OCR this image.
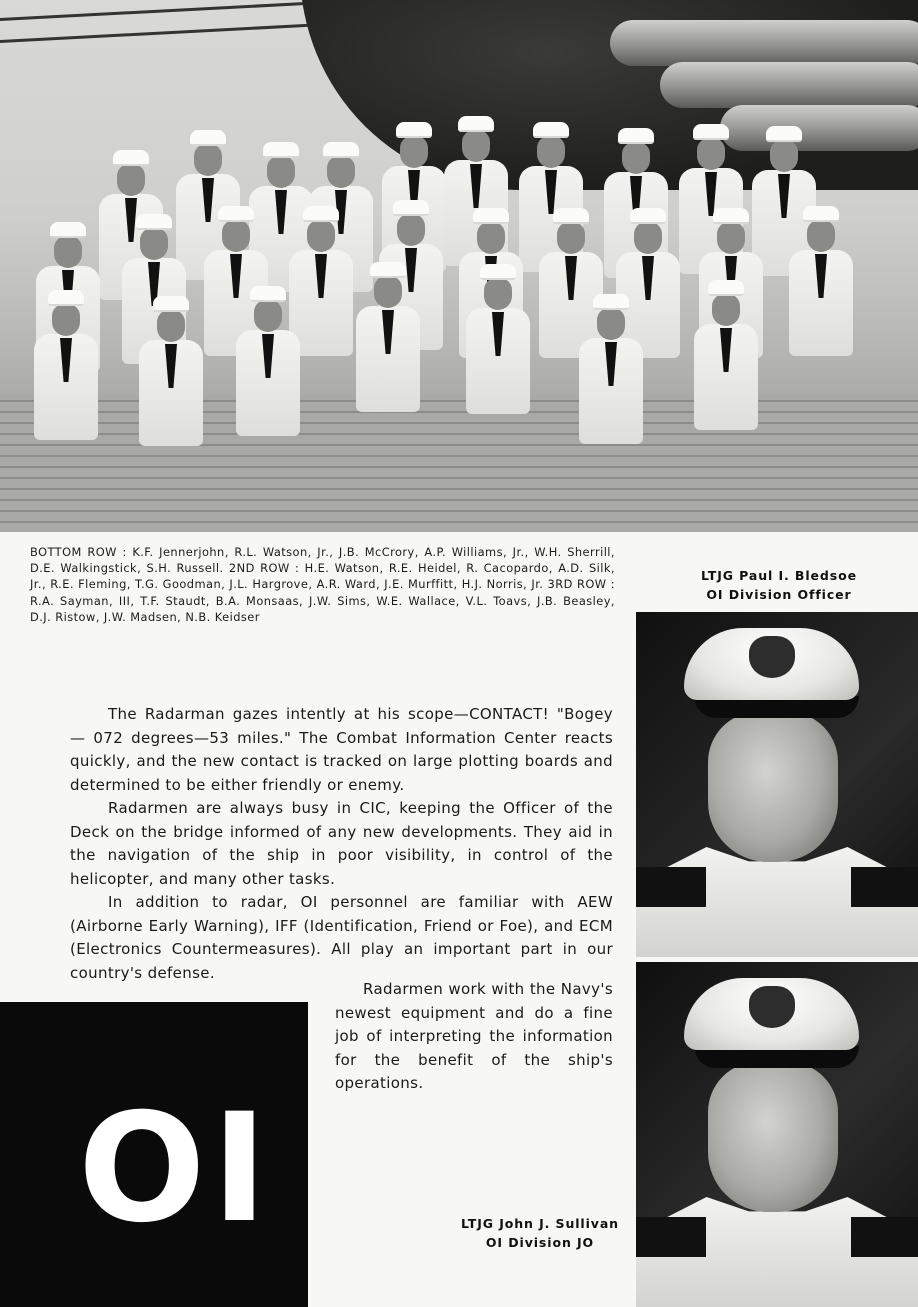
BOTTOM ROW : K.F. Jennerjohn, R.L. Watson, Jr., J.B. McCrory, A.P. Williams, Jr., W.H. Sherrill, D.E. Walkingstick, S.H. Russell. 2ND ROW : H.E. Watson, R.E. Heidel, R. Cacopardo, A.D. Silk, Jr., R.E. Fleming, T.G. Goodman, J.L. Hargrove, A.R. Ward, J.E. Murffitt, H.J. Norris, Jr. 3RD ROW : R.A. Sayman, III, T.F. Staudt, B.A. Monsaas, J.W. Sims, W.E. Wallace, V.L. Toavs, J.B. Beasley, D.J. Ristow, J.W. Madsen, N.B. Keidser
LTJG Paul I. Bledsoe
OI Division Officer

The Radarman gazes intently at his scope—CONTACT! "Bogey — 072 degrees—53 miles." The Combat Information Center reacts quickly, and the new contact is tracked on large plotting boards and determined to be either friendly or enemy.

Radarmen are always busy in CIC, keeping the Officer of the Deck on the bridge informed of any new developments. They aid in the navigation of the ship in poor visibility, in control of the helicopter, and many other tasks.

In addition to radar, OI personnel are familiar with AEW (Airborne Early Warning), IFF (Identification, Friend or Foe), and ECM (Electronics Countermeasures). All play an important part in our country's defense.

Radarmen work with the Navy's newest equipment and do a fine job of interpreting the information for the benefit of the ship's operations.

OI	LTJG John J. Sullivan
OI Division JO
